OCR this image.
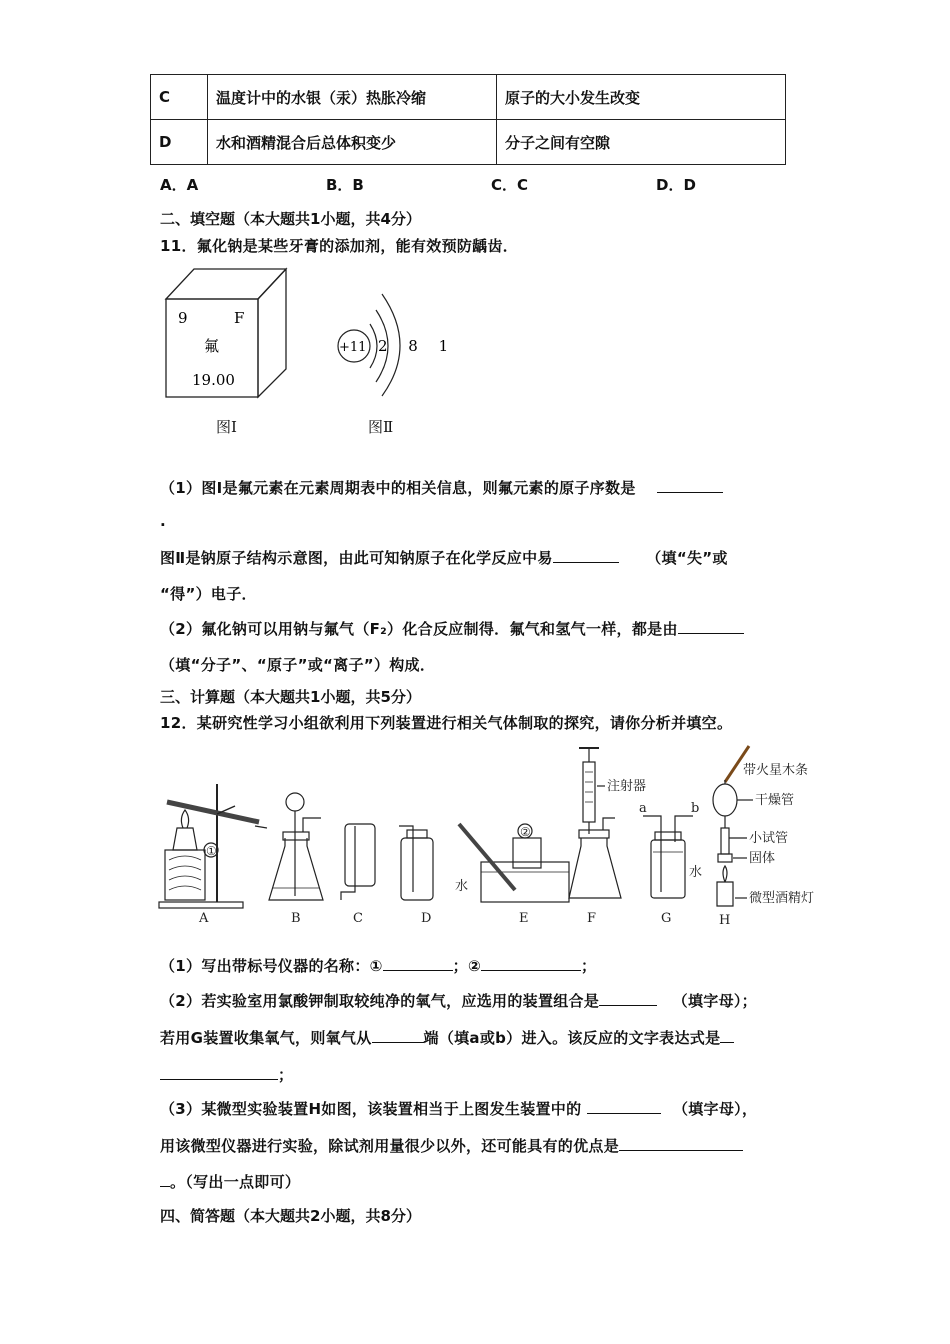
C	温度计中的水银（汞）热胀冷缩	原子的大小发生改变
D	水和酒精混合后总体积变少	分子之间有空隙
A．A	B．B	C．C	D．D
二、填空题（本大题共1小题，共4分）
11．氟化钠是某些牙膏的添加剂，能有效预防龋齿．
9	F
氟
19.00
+11 2 8 1
图Ⅰ	图Ⅱ
（1）图Ⅰ是氟元素在元素周期表中的相关信息，则氟元素的原子序数是
.
图Ⅱ是钠原子结构示意图，由此可知钠原子在化学反应中易	（填“失”或
“得”）电子．
（2）氟化钠可以用钠与氟气（F₂）化合反应制得．氟气和氢气一样，都是由
（填“分子”、“原子”或“离子”）构成．
三、计算题（本大题共1小题，共5分）
12．某研究性学习小组欲利用下列装置进行相关气体制取的探究，请你分析并填空。
A	B	C	D	E	F	G	H
①
②
水
水
注射器
a	b
带火星木条
干燥管
小试管
固体
微型酒精灯
（1）写出带标号仪器的名称：①	；②	；
（2）若实验室用氯酸钾制取较纯净的氧气，应选用的装置组合是	（填字母）；
若用G装置收集氧气，则氧气从	端（填a或b）进入。该反应的文字表达式是
；
（3）某微型实验装置H如图，该装置相当于上图发生装置中的	（填字母），
用该微型仪器进行实验，除试剂用量很少以外，还可能具有的优点是
。（写出一点即可）
四、简答题（本大题共2小题，共8分）
